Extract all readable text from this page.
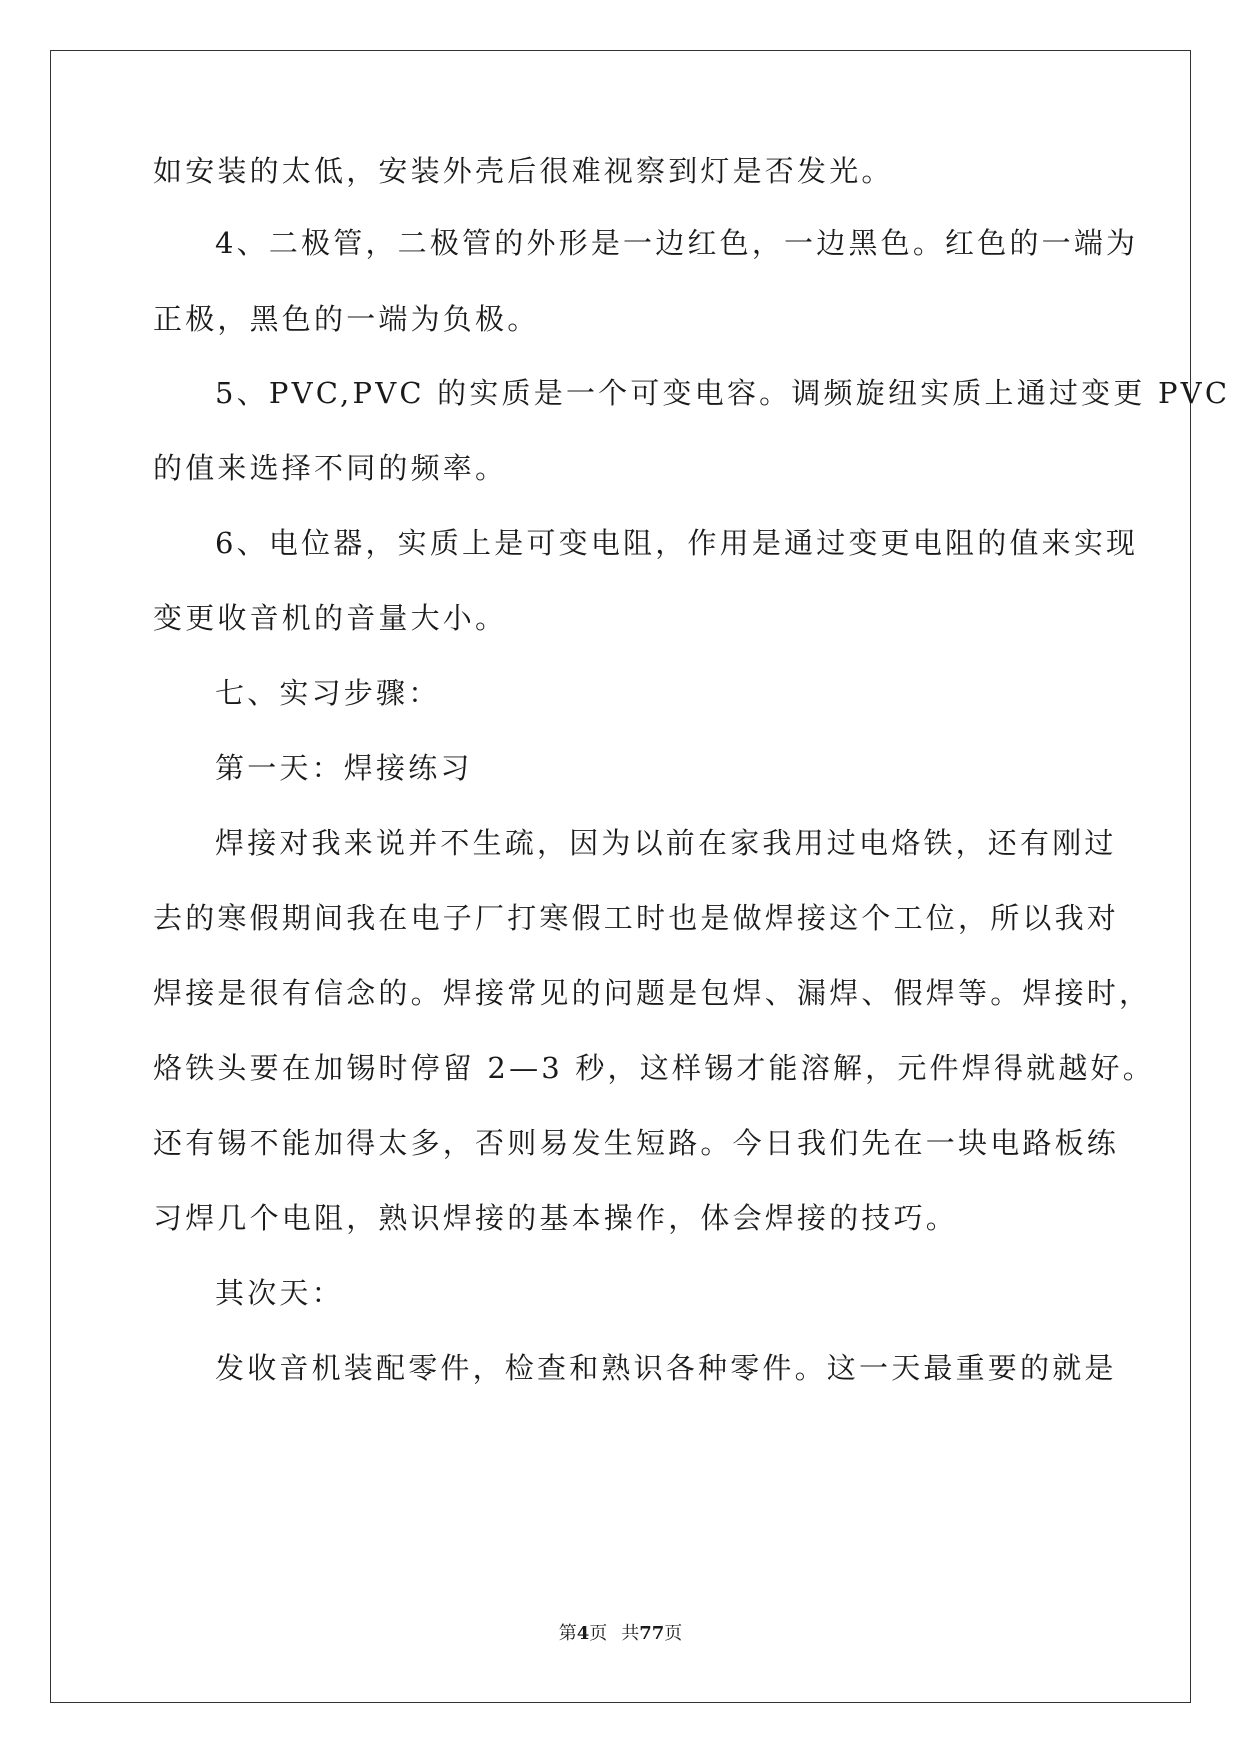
如安装的太低，安装外壳后很难视察到灯是否发光。
4、二极管，二极管的外形是一边红色，一边黑色。红色的一端为
正极，黑色的一端为负极。
5、PVC,PVC 的实质是一个可变电容。调频旋纽实质上通过变更 PVC
的值来选择不同的频率。
6、电位器，实质上是可变电阻，作用是通过变更电阻的值来实现
变更收音机的音量大小。
七、实习步骤：
第一天：焊接练习
焊接对我来说并不生疏，因为以前在家我用过电烙铁，还有刚过
去的寒假期间我在电子厂打寒假工时也是做焊接这个工位，所以我对
焊接是很有信念的。焊接常见的问题是包焊、漏焊、假焊等。焊接时，
烙铁头要在加锡时停留 2—3 秒，这样锡才能溶解，元件焊得就越好。
还有锡不能加得太多，否则易发生短路。今日我们先在一块电路板练
习焊几个电阻，熟识焊接的基本操作，体会焊接的技巧。
其次天：
发收音机装配零件，检查和熟识各种零件。这一天最重要的就是
第4页 共77页
